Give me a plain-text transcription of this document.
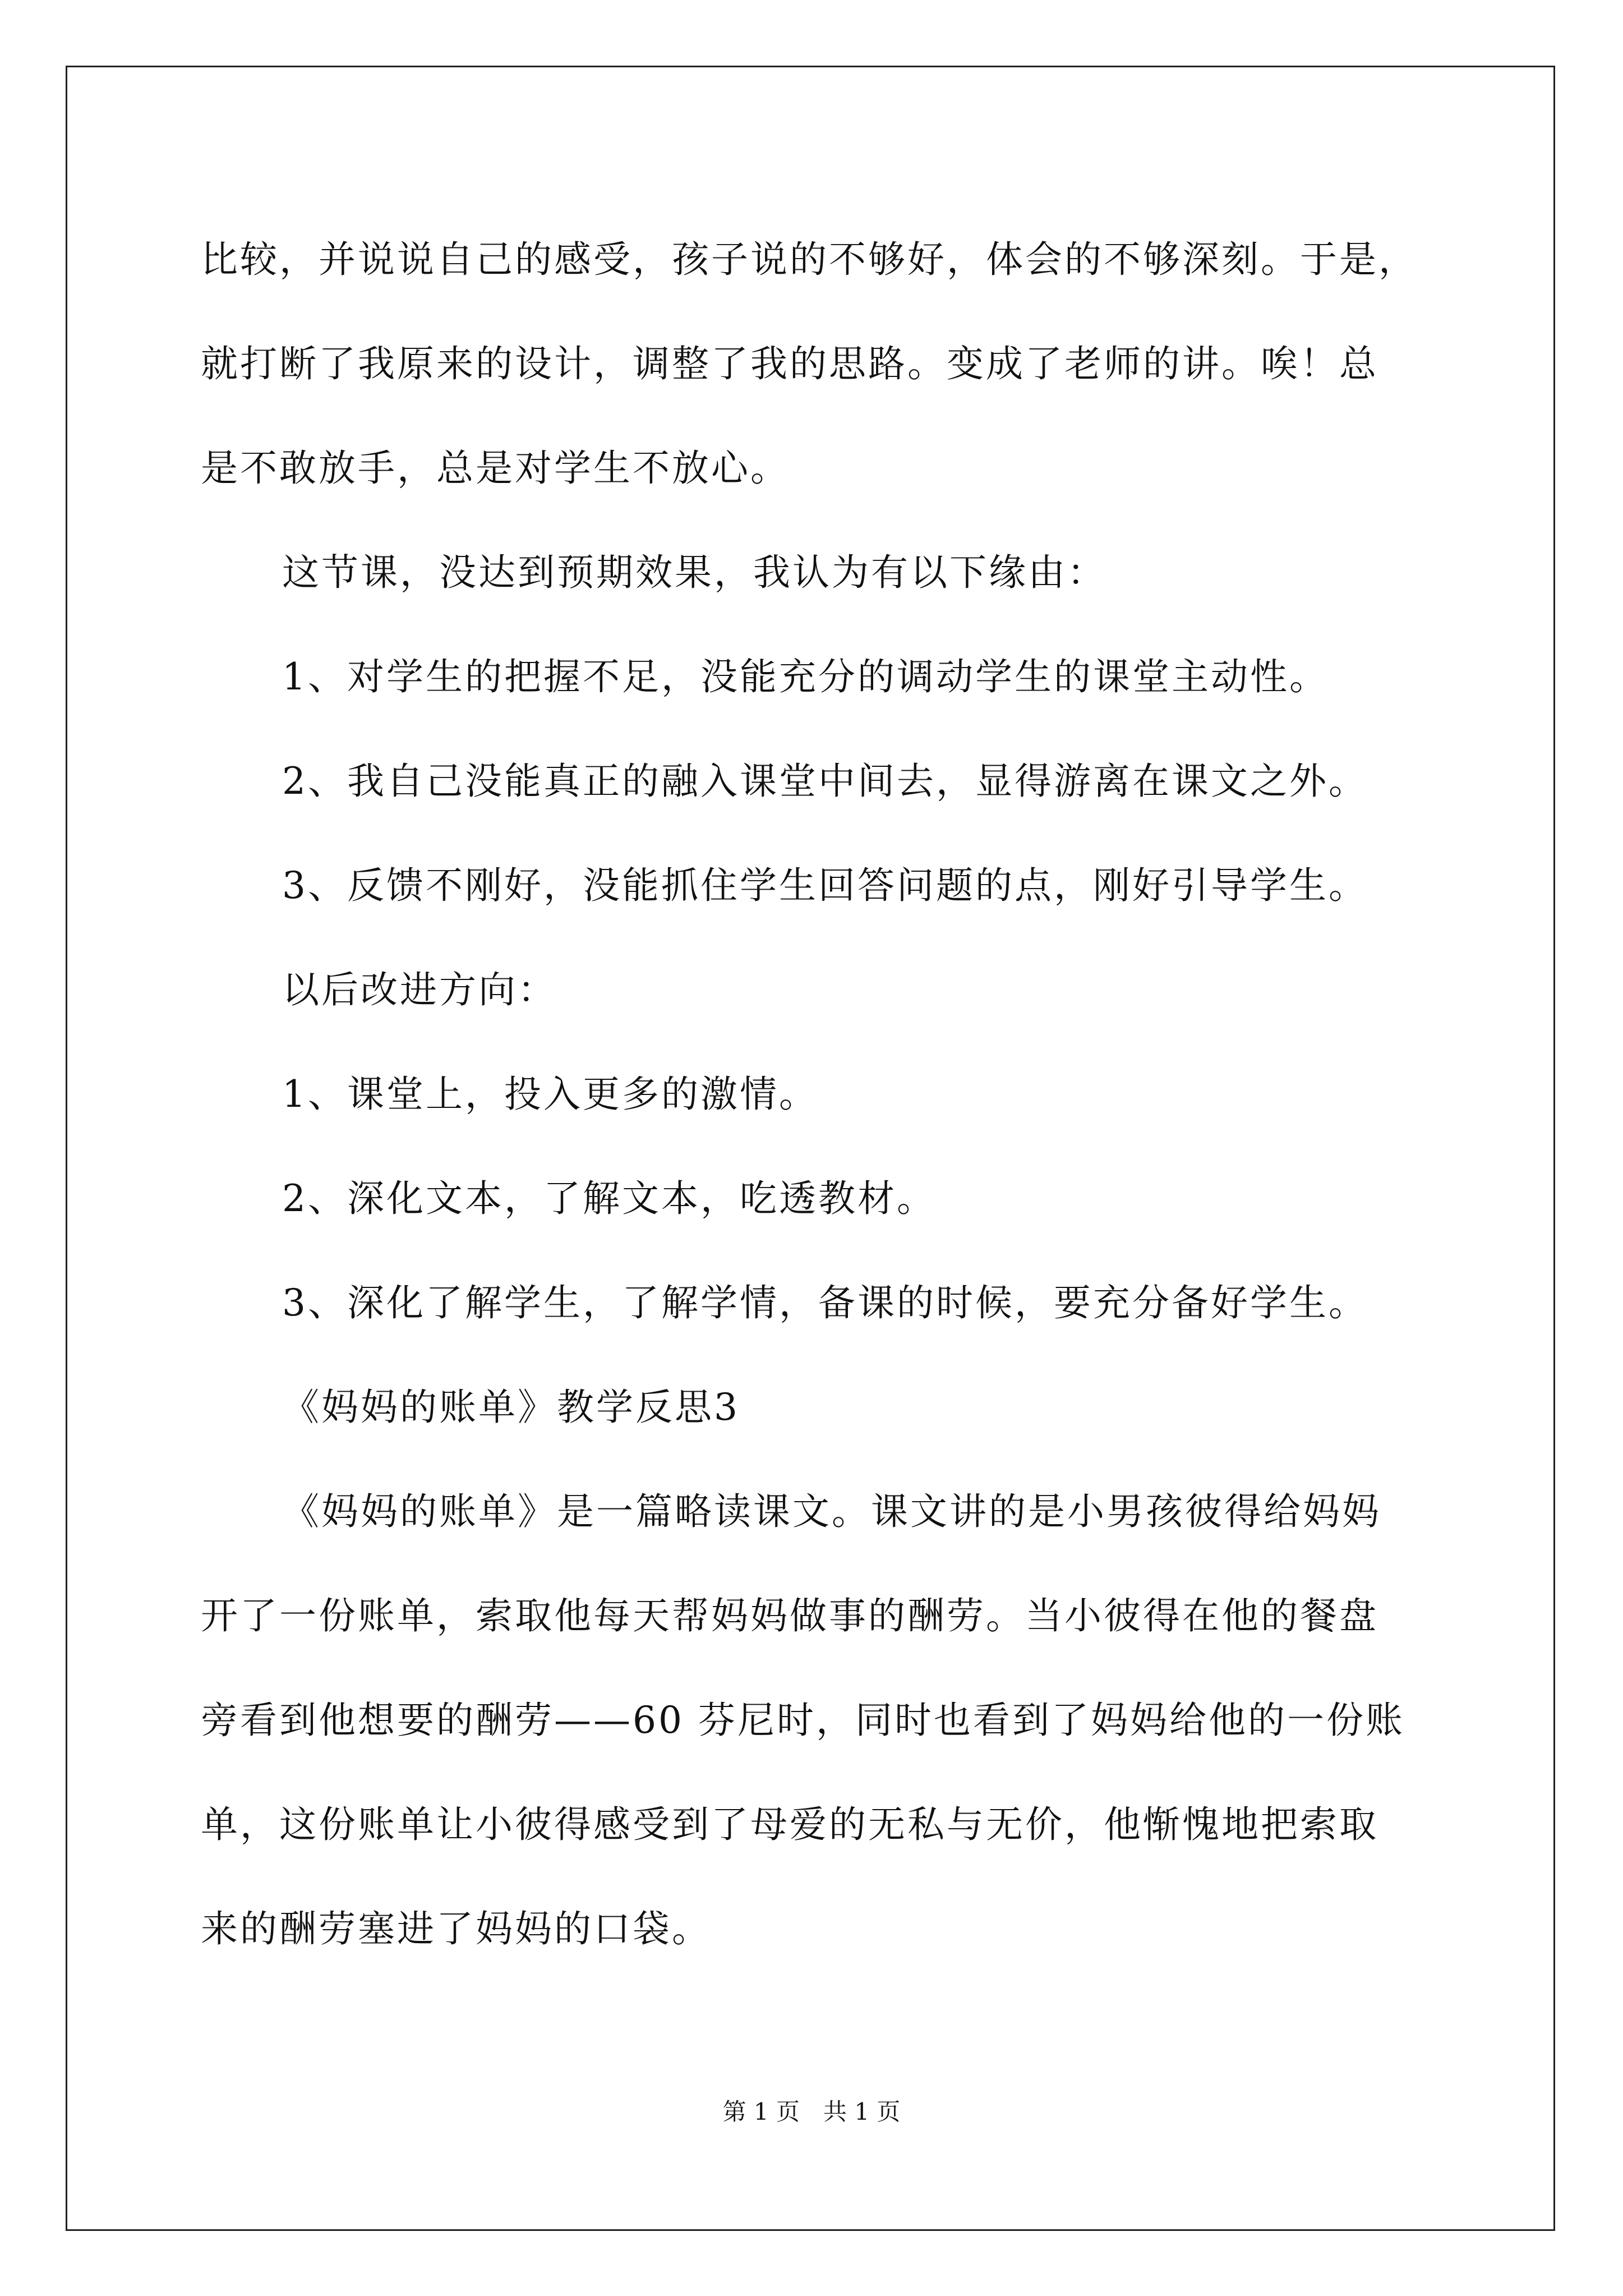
比较，并说说自己的感受，孩子说的不够好，体会的不够深刻。于是，
就打断了我原来的设计，调整了我的思路。变成了老师的讲。唉！总
是不敢放手，总是对学生不放心。
这节课，没达到预期效果，我认为有以下缘由：
1、对学生的把握不足，没能充分的调动学生的课堂主动性。
2、我自己没能真正的融入课堂中间去，显得游离在课文之外。
3、反馈不刚好，没能抓住学生回答问题的点，刚好引导学生。
以后改进方向：
1、课堂上，投入更多的激情。
2、深化文本，了解文本，吃透教材。
3、深化了解学生，了解学情，备课的时候，要充分备好学生。
《妈妈的账单》教学反思3
《妈妈的账单》是一篇略读课文。课文讲的是小男孩彼得给妈妈
开了一份账单，索取他每天帮妈妈做事的酬劳。当小彼得在他的餐盘
旁看到他想要的酬劳——60 芬尼时，同时也看到了妈妈给他的一份账
单，这份账单让小彼得感受到了母爱的无私与无价，他惭愧地把索取
来的酬劳塞进了妈妈的口袋。
第 1 页　共 1 页
